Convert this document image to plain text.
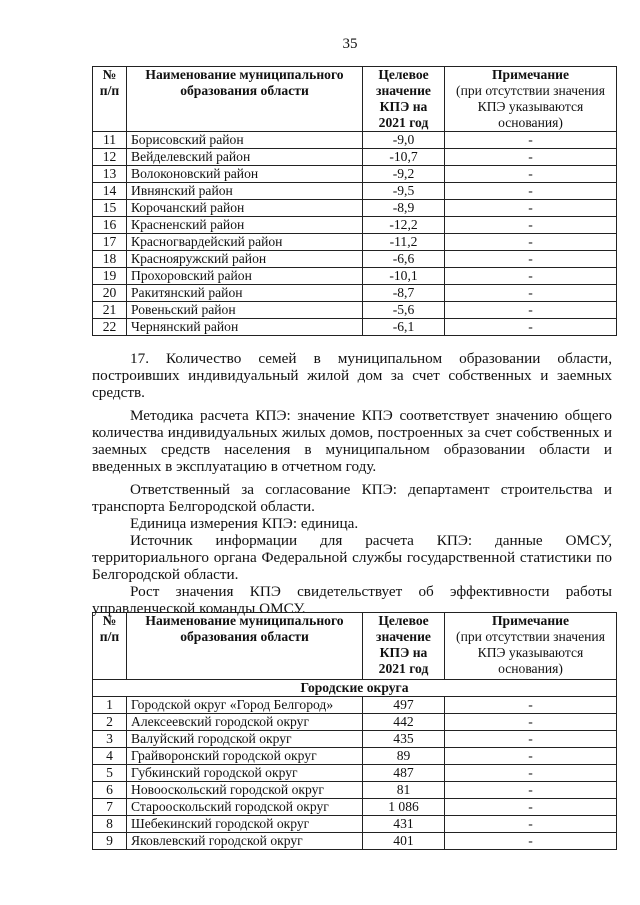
35
№ п/п	Наименование муниципального образования области	Целевое значение КПЭ на 2021 год	Примечание
(при отсутствии значения КПЭ указываются основания)
11	Борисовский район	-9,0	-
12	Вейделевский район	-10,7	-
13	Волоконовский район	-9,2	-
14	Ивнянский район	-9,5	-
15	Корочанский район	-8,9	-
16	Красненский район	-12,2	-
17	Красногвардейский район	-11,2	-
18	Краснояружский район	-6,6	-
19	Прохоровский район	-10,1	-
20	Ракитянский район	-8,7	-
21	Ровеньский район	-5,6	-
22	Чернянский район	-6,1	-

17. Количество семей в муниципальном образовании области, построивших индивидуальный жилой дом за счет собственных и заемных средств.

Методика расчета КПЭ: значение КПЭ соответствует значению общего количества индивидуальных жилых домов, построенных за счет собственных и заемных средств населения в муниципальном образовании области и введенных в эксплуатацию в отчетном году.

Ответственный за согласование КПЭ: департамент строительства и транспорта Белгородской области.

Единица измерения КПЭ: единица.

Источник информации для расчета КПЭ: данные ОМСУ, территориального органа Федеральной службы государственной статистики по Белгородской области.

Рост значения КПЭ свидетельствует об эффективности работы управленческой команды ОМСУ.

№ п/п	Наименование муниципального образования области	Целевое значение КПЭ на 2021 год	Примечание
(при отсутствии значения КПЭ указываются основания)
Городские округа			
1	Городской округ «Город Белгород»	497	-
2	Алексеевский городской округ	442	-
3	Валуйский городской округ	435	-
4	Грайворонский городской округ	89	-
5	Губкинский городской округ	487	-
6	Новооскольский городской округ	81	-
7	Старооскольский городской округ	1 086	-
8	Шебекинский городской округ	431	-
9	Яковлевский городской округ	401	-
